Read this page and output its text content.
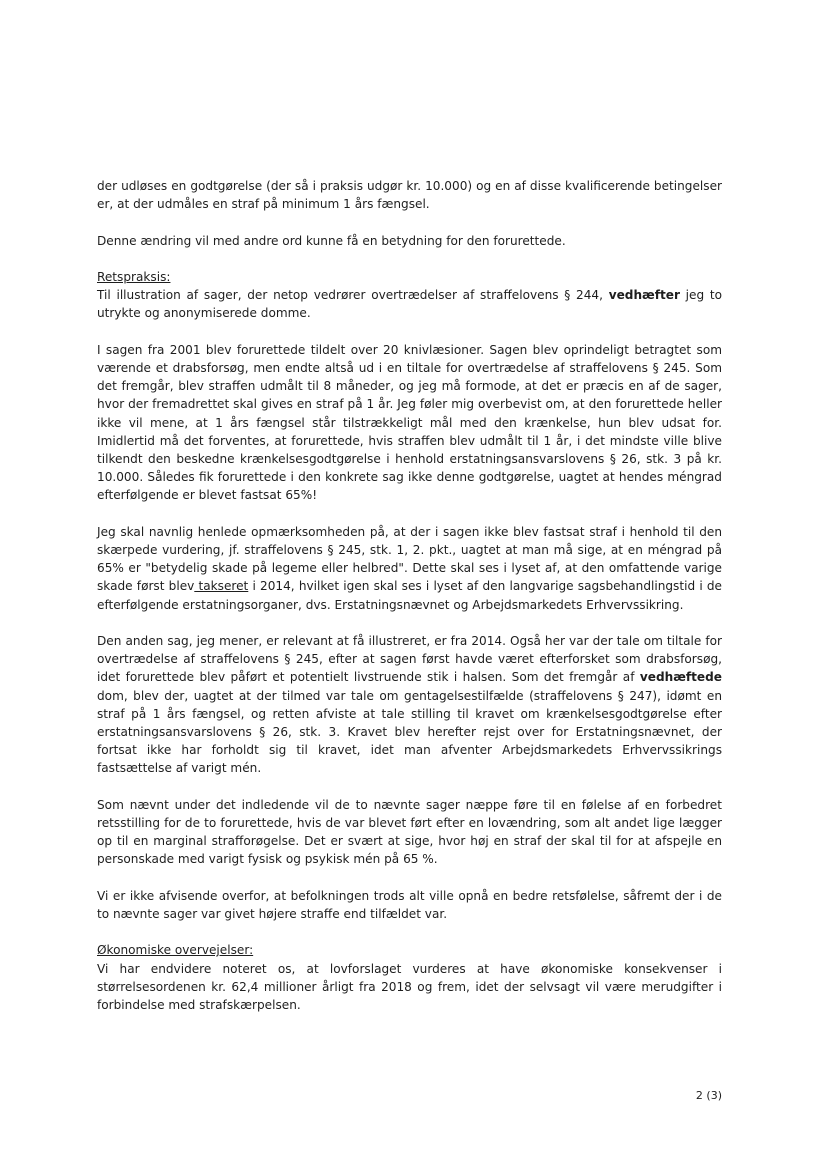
der udløses en godtgørelse (der så i praksis udgør kr. 10.000) og en af disse kvalificerende betingelser er, at der udmåles en straf på minimum 1 års fængsel.

Denne ændring vil med andre ord kunne få en betydning for den forurettede.

Retspraksis:

Til illustration af sager, der netop vedrører overtrædelser af straffelovens § 244, vedhæfter jeg to utrykte og anonymiserede domme.

I sagen fra 2001 blev forurettede tildelt over 20 knivlæsioner. Sagen blev oprindeligt betragtet som værende et drabsforsøg, men endte altså ud i en tiltale for overtrædelse af straffelovens § 245. Som det fremgår, blev straffen udmålt til 8 måneder, og jeg må formode, at det er præcis en af de sager, hvor der fremadrettet skal gives en straf på 1 år. Jeg føler mig overbevist om, at den forurettede heller ikke vil mene, at 1 års fængsel står tilstrækkeligt mål med den krænkelse, hun blev udsat for. Imidlertid må det forventes, at forurettede, hvis straffen blev udmålt til 1 år, i det mindste ville blive tilkendt den beskedne krænkelsesgodtgørelse i henhold erstatningsansvarslovens § 26, stk. 3 på kr. 10.000. Således fik forurettede i den konkrete sag ikke denne godtgørelse, uagtet at hendes méngrad efterfølgende er blevet fastsat 65%!

Jeg skal navnlig henlede opmærksomheden på, at der i sagen ikke blev fastsat straf i henhold til den skærpede vurdering, jf. straffelovens § 245, stk. 1, 2. pkt., uagtet at man må sige, at en méngrad på 65% er "betydelig skade på legeme eller helbred". Dette skal ses i lyset af, at den omfattende varige skade først blev takseret i 2014, hvilket igen skal ses i lyset af den langvarige sagsbehandlingstid i de efterfølgende erstatningsorganer, dvs. Erstatningsnævnet og Arbejdsmarkedets Erhvervssikring.

Den anden sag, jeg mener, er relevant at få illustreret, er fra 2014. Også her var der tale om tiltale for overtrædelse af straffelovens § 245, efter at sagen først havde været efterforsket som drabsforsøg, idet forurettede blev påført et potentielt livstruende stik i halsen. Som det fremgår af vedhæftede dom, blev der, uagtet at der tilmed var tale om gentagelsestilfælde (straffelovens § 247), idømt en straf på 1 års fængsel, og retten afviste at tale stilling til kravet om krænkelsesgodtgørelse efter erstatningsansvarslovens § 26, stk. 3. Kravet blev herefter rejst over for Erstatningsnævnet, der fortsat ikke har forholdt sig til kravet, idet man afventer Arbejdsmarkedets Erhvervssikrings fastsættelse af varigt mén.

Som nævnt under det indledende vil de to nævnte sager næppe føre til en følelse af en forbedret retsstilling for de to forurettede, hvis de var blevet ført efter en lovændring, som alt andet lige lægger op til en marginal strafforøgelse. Det er svært at sige, hvor høj en straf der skal til for at afspejle en personskade med varigt fysisk og psykisk mén på 65 %.

Vi er ikke afvisende overfor, at befolkningen trods alt ville opnå en bedre retsfølelse, såfremt der i de to nævnte sager var givet højere straffe end tilfældet var.

Økonomiske overvejelser:

Vi har endvidere noteret os, at lovforslaget vurderes at have økonomiske konsekvenser i størrelsesordenen kr. 62,4 millioner årligt fra 2018 og frem, idet der selvsagt vil være merudgifter i forbindelse med strafskærpelsen.

2 (3)
